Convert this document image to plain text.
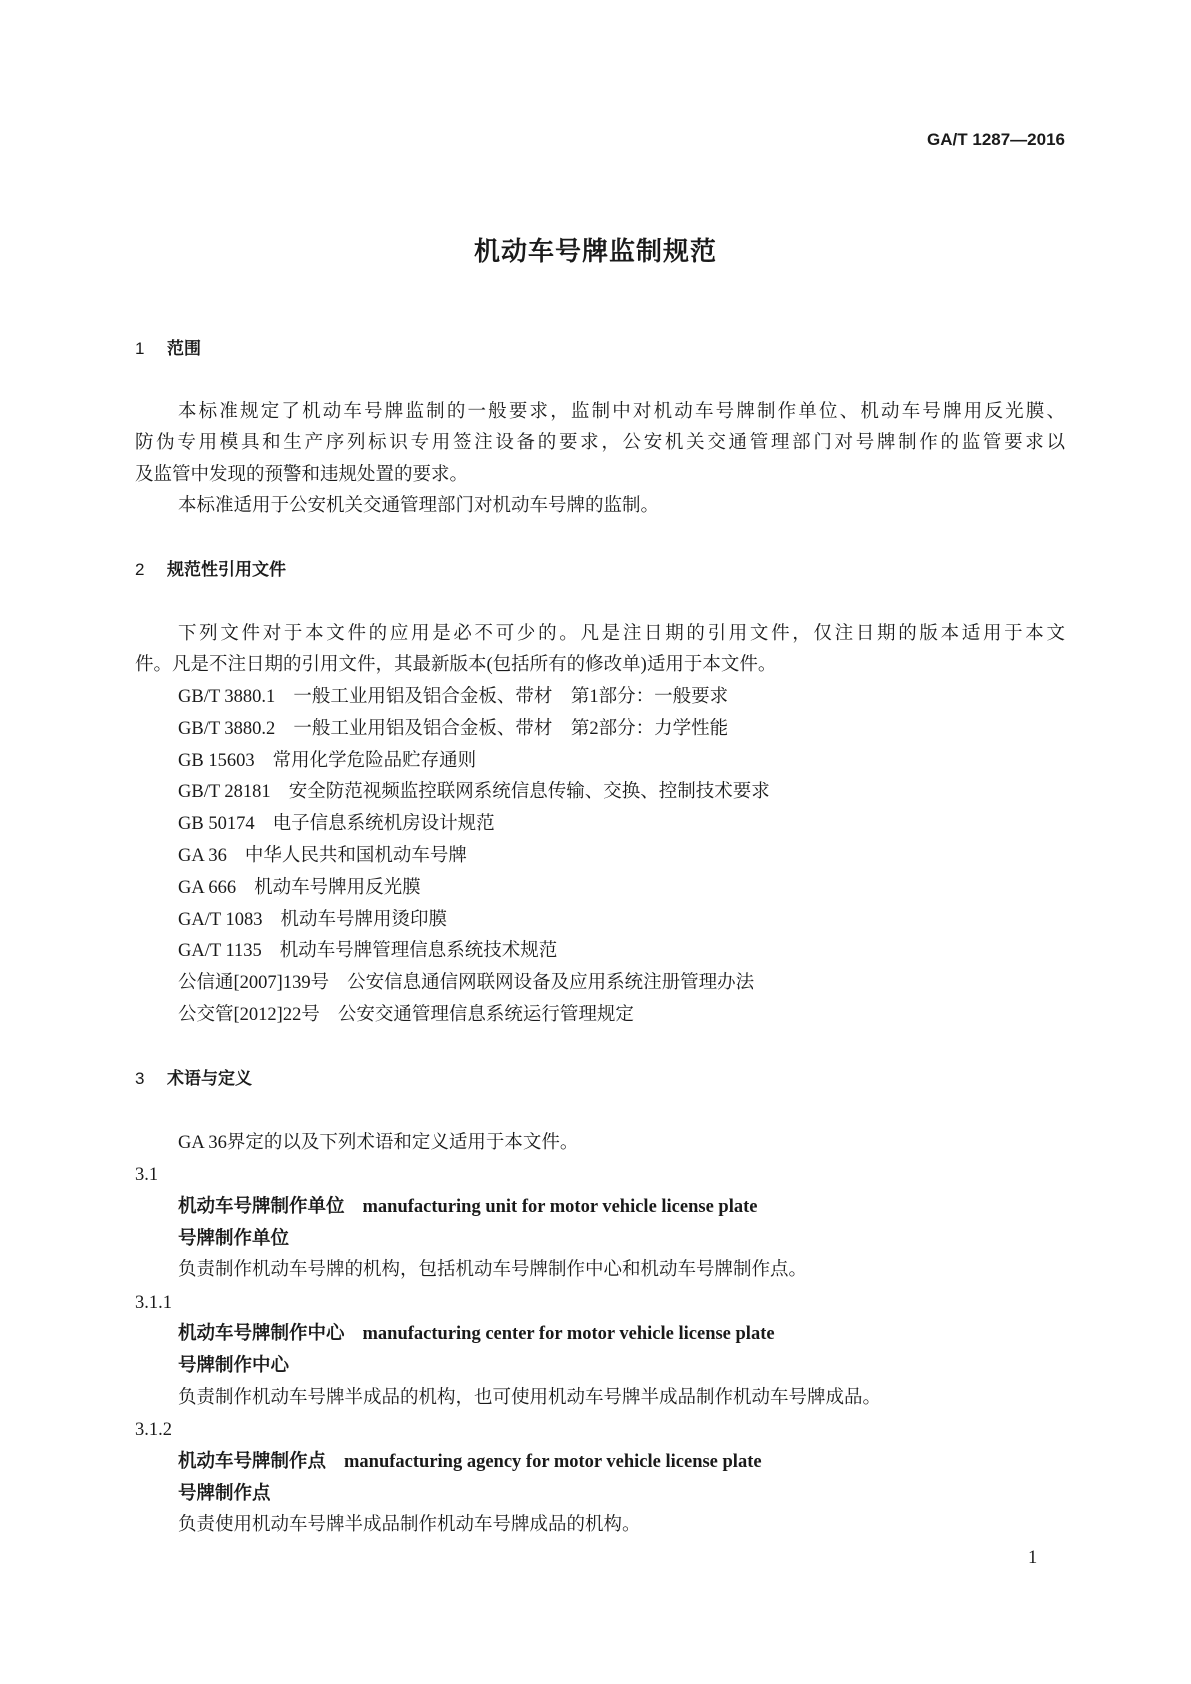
GA/T 1287—2016
机动车号牌监制规范
1 范围
本标准规定了机动车号牌监制的一般要求，监制中对机动车号牌制作单位、机动车号牌用反光膜、
防伪专用模具和生产序列标识专用签注设备的要求，公安机关交通管理部门对号牌制作的监管要求以
及监管中发现的预警和违规处置的要求。
本标准适用于公安机关交通管理部门对机动车号牌的监制。
2 规范性引用文件
下列文件对于本文件的应用是必不可少的。凡是注日期的引用文件，仅注日期的版本适用于本文
件。凡是不注日期的引用文件，其最新版本(包括所有的修改单)适用于本文件。
GB/T 3880.1 一般工业用铝及铝合金板、带材　第1部分：一般要求
GB/T 3880.2 一般工业用铝及铝合金板、带材　第2部分：力学性能
GB 15603 常用化学危险品贮存通则
GB/T 28181 安全防范视频监控联网系统信息传输、交换、控制技术要求
GB 50174 电子信息系统机房设计规范
GA 36 中华人民共和国机动车号牌
GA 666 机动车号牌用反光膜
GA/T 1083 机动车号牌用烫印膜
GA/T 1135 机动车号牌管理信息系统技术规范
公信通[2007]139号 公安信息通信网联网设备及应用系统注册管理办法
公交管[2012]22号 公安交通管理信息系统运行管理规定
3 术语与定义
GA 36界定的以及下列术语和定义适用于本文件。
3.1
机动车号牌制作单位 manufacturing unit for motor vehicle license plate
号牌制作单位
负责制作机动车号牌的机构，包括机动车号牌制作中心和机动车号牌制作点。
3.1.1
机动车号牌制作中心 manufacturing center for motor vehicle license plate
号牌制作中心
负责制作机动车号牌半成品的机构，也可使用机动车号牌半成品制作机动车号牌成品。
3.1.2
机动车号牌制作点 manufacturing agency for motor vehicle license plate
号牌制作点
负责使用机动车号牌半成品制作机动车号牌成品的机构。
1
